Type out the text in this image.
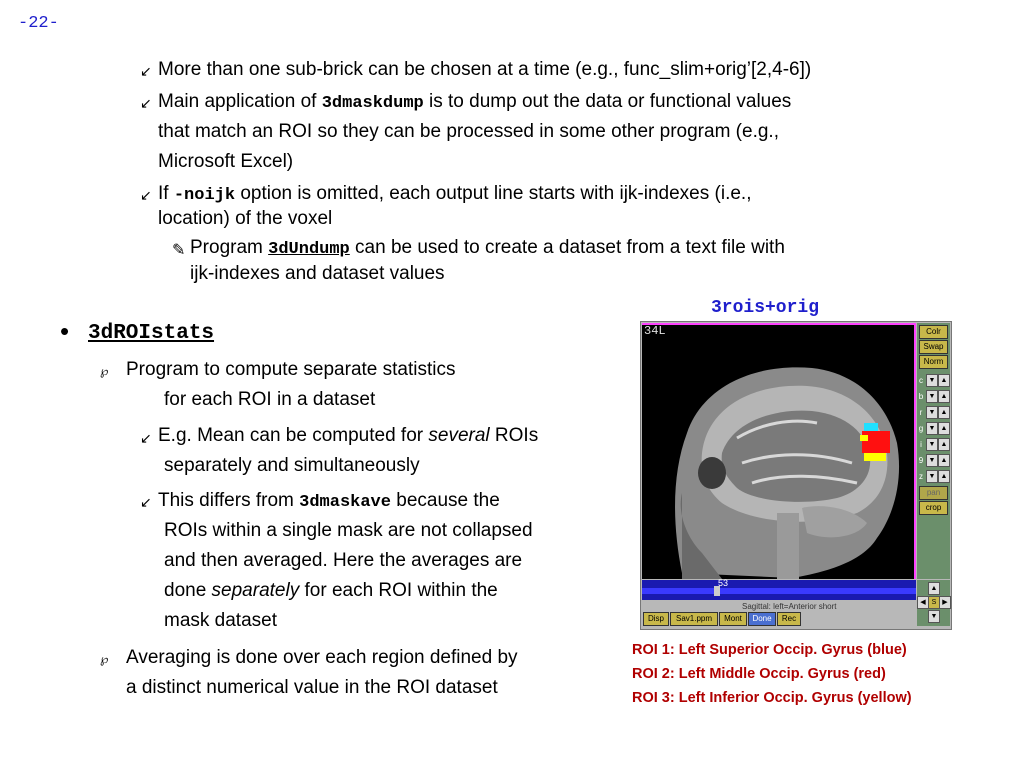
-22-
↙ More than one sub-brick can be chosen at a time (e.g., func_slim+orig’[2,4-6])
↙ Main application of 3dmaskdump is to dump out the data or functional values
that match an ROI so they can be processed in some other program (e.g.,
Microsoft Excel)
↙ If -noijk option is omitted, each output line starts with ijk-indexes (i.e.,
location) of the voxel
✎ Program 3dUndump can be used to create a dataset from a text file with
ijk-indexes and dataset values
3rois+orig
• 3dROIstats
℘ Program to compute separate statistics
for each ROI in a dataset
↙ E.g. Mean can be computed for several ROIs
separately and simultaneously
↙ This differs from 3dmaskave because the
ROIs within a single mask are not collapsed
and then averaged. Here the averages are
done separately for each ROI within the
mask dataset
℘ Averaging is done over each region defined by
a distinct numerical value in the ROI dataset
34L	Colr
Swap
Norm
c ▼ ▲
b ▼ ▲
r ▼ ▲
g ▼ ▲
i ▼ ▲
9 ▼ ▲
z ▼ ▲
pan
crop
53
▲
◀ S ▶
▼
Sagittal: left=Anterior short
Disp	Sav1.ppm	Mont	Done	Rec
ROI 1: Left Superior Occip. Gyrus (blue)
ROI 2: Left Middle Occip. Gyrus (red)
ROI 3: Left Inferior Occip. Gyrus (yellow)
